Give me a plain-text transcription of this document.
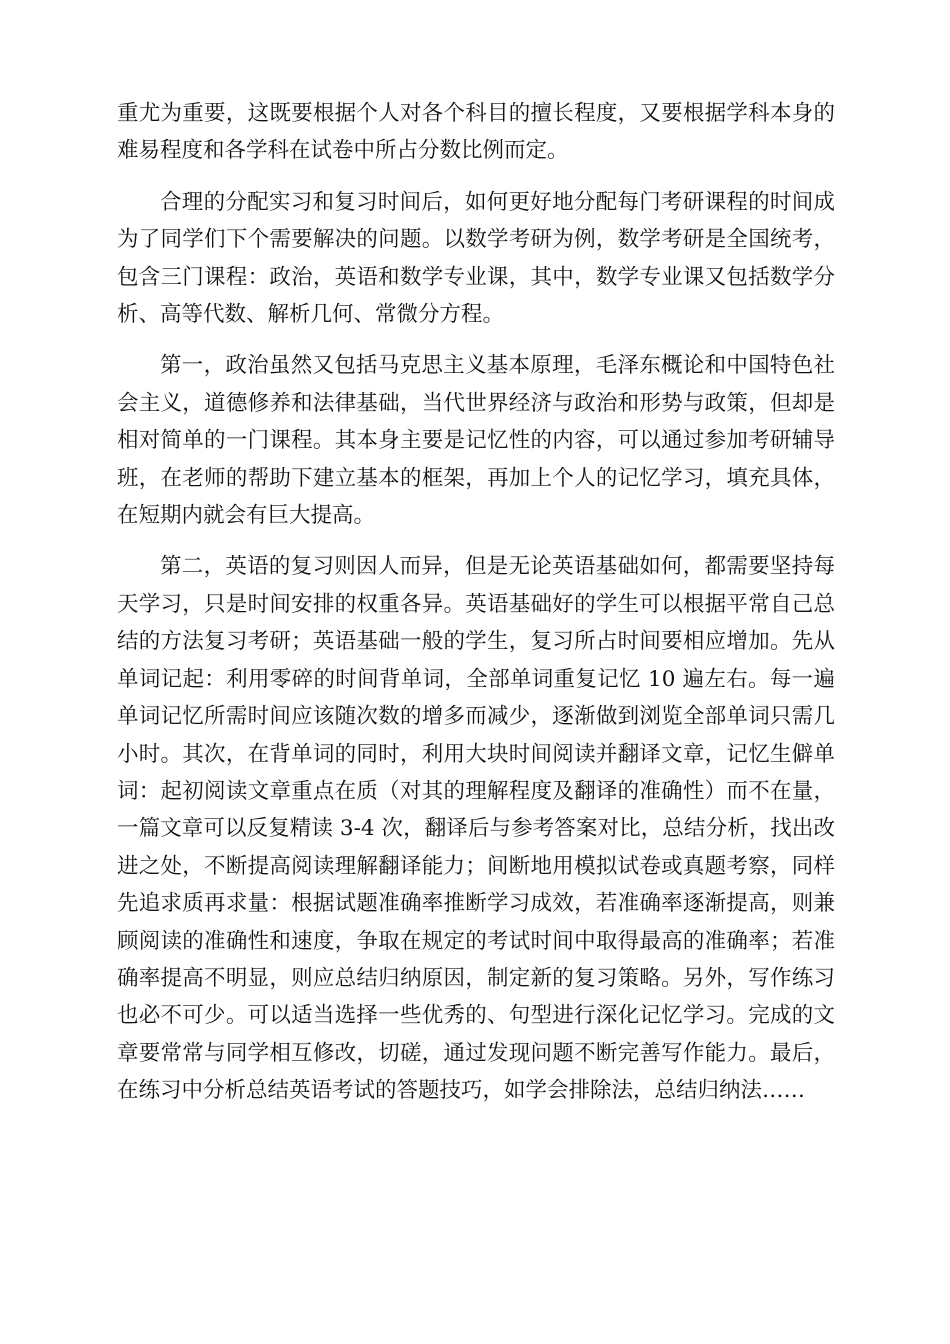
重尤为重要，这既要根据个人对各个科目的擅长程度，又要根据学科本身的难易程度和各学科在试卷中所占分数比例而定。

合理的分配实习和复习时间后，如何更好地分配每门考研课程的时间成为了同学们下个需要解决的问题。以数学考研为例，数学考研是全国统考，包含三门课程：政治，英语和数学专业课，其中，数学专业课又包括数学分析、高等代数、解析几何、常微分方程。

第一，政治虽然又包括马克思主义基本原理，毛泽东概论和中国特色社会主义，道德修养和法律基础，当代世界经济与政治和形势与政策，但却是相对简单的一门课程。其本身主要是记忆性的内容，可以通过参加考研辅导班，在老师的帮助下建立基本的框架，再加上个人的记忆学习，填充具体，在短期内就会有巨大提高。

第二，英语的复习则因人而异，但是无论英语基础如何，都需要坚持每天学习，只是时间安排的权重各异。英语基础好的学生可以根据平常自己总结的方法复习考研；英语基础一般的学生，复习所占时间要相应增加。先从单词记起：利用零碎的时间背单词，全部单词重复记忆 10 遍左右。每一遍单词记忆所需时间应该随次数的增多而减少，逐渐做到浏览全部单词只需几小时。其次，在背单词的同时，利用大块时间阅读并翻译文章，记忆生僻单词：起初阅读文章重点在质（对其的理解程度及翻译的准确性）而不在量，一篇文章可以反复精读 3-4 次，翻译后与参考答案对比，总结分析，找出改进之处，不断提高阅读理解翻译能力；间断地用模拟试卷或真题考察，同样先追求质再求量：根据试题准确率推断学习成效，若准确率逐渐提高，则兼顾阅读的准确性和速度，争取在规定的考试时间中取得最高的准确率；若准确率提高不明显，则应总结归纳原因，制定新的复习策略。另外，写作练习也必不可少。可以适当选择一些优秀的、句型进行深化记忆学习。完成的文章要常常与同学相互修改，切磋，通过发现问题不断完善写作能力。最后，在练习中分析总结英语考试的答题技巧，如学会排除法，总结归纳法……
